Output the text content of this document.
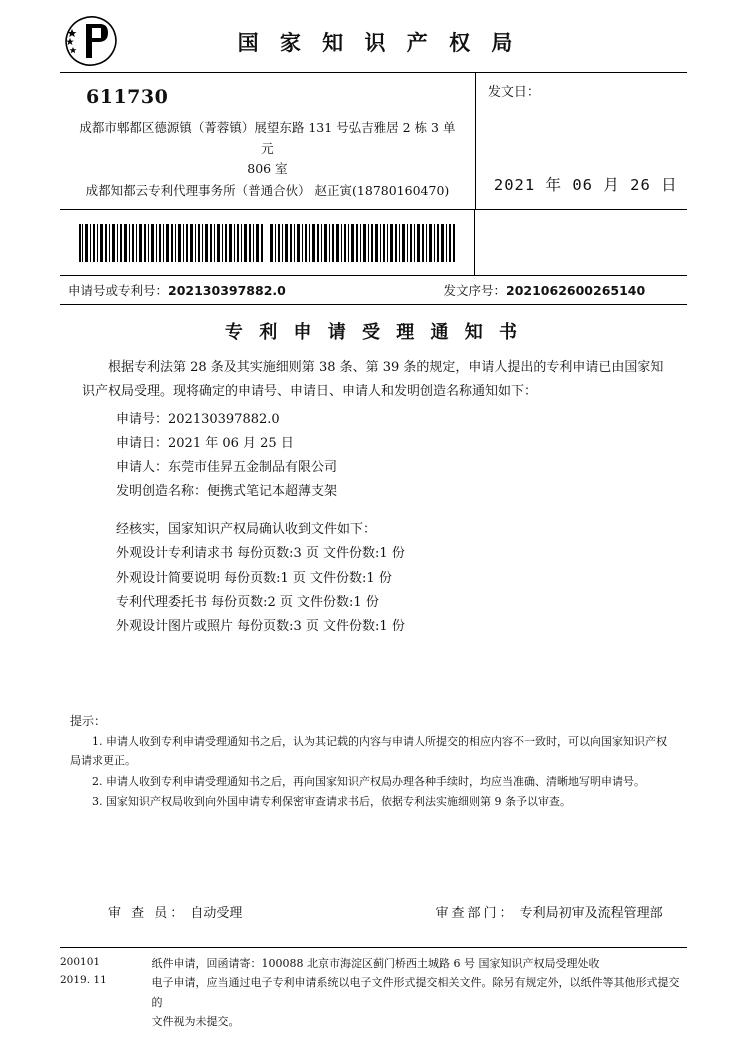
国 家 知 识 产 权 局
611730
成都市郫都区德源镇（菁蓉镇）展望东路 131 号弘吉雅居 2 栋 3 单元
806 室
成都知都云专利代理事务所（普通合伙） 赵正寅(18780160470)
发文日：
2021 年 06 月 26 日
申请号或专利号：202130397882.0	发文序号：2021062600265140
专 利 申 请 受 理 通 知 书
根据专利法第 28 条及其实施细则第 38 条、第 39 条的规定，申请人提出的专利申请已由国家知识产权局受理。现将确定的申请号、申请日、申请人和发明创造名称通知如下：
申请号：202130397882.0
申请日：2021 年 06 月 25 日
申请人：东莞市佳昇五金制品有限公司
发明创造名称：便携式笔记本超薄支架
经核实，国家知识产权局确认收到文件如下：
外观设计专利请求书 每份页数:3 页 文件份数:1 份
外观设计简要说明 每份页数:1 页 文件份数:1 份
专利代理委托书 每份页数:2 页 文件份数:1 份
外观设计图片或照片 每份页数:3 页 文件份数:1 份
提示：
1. 申请人收到专利申请受理通知书之后，认为其记载的内容与申请人所提交的相应内容不一致时，可以向国家知识产权局请求更正。
2. 申请人收到专利申请受理通知书之后，再向国家知识产权局办理各种手续时，均应当准确、清晰地写明申请号。
3. 国家知识产权局收到向外国申请专利保密审查请求书后，依据专利法实施细则第 9 条予以审查。
审 查 员： 自动受理	审查部门： 专利局初审及流程管理部
200101
2019. 11
纸件申请，回函请寄：100088 北京市海淀区蓟门桥西土城路 6 号 国家知识产权局受理处收
电子申请，应当通过电子专利申请系统以电子文件形式提交相关文件。除另有规定外，以纸件等其他形式提交的
文件视为未提交。
